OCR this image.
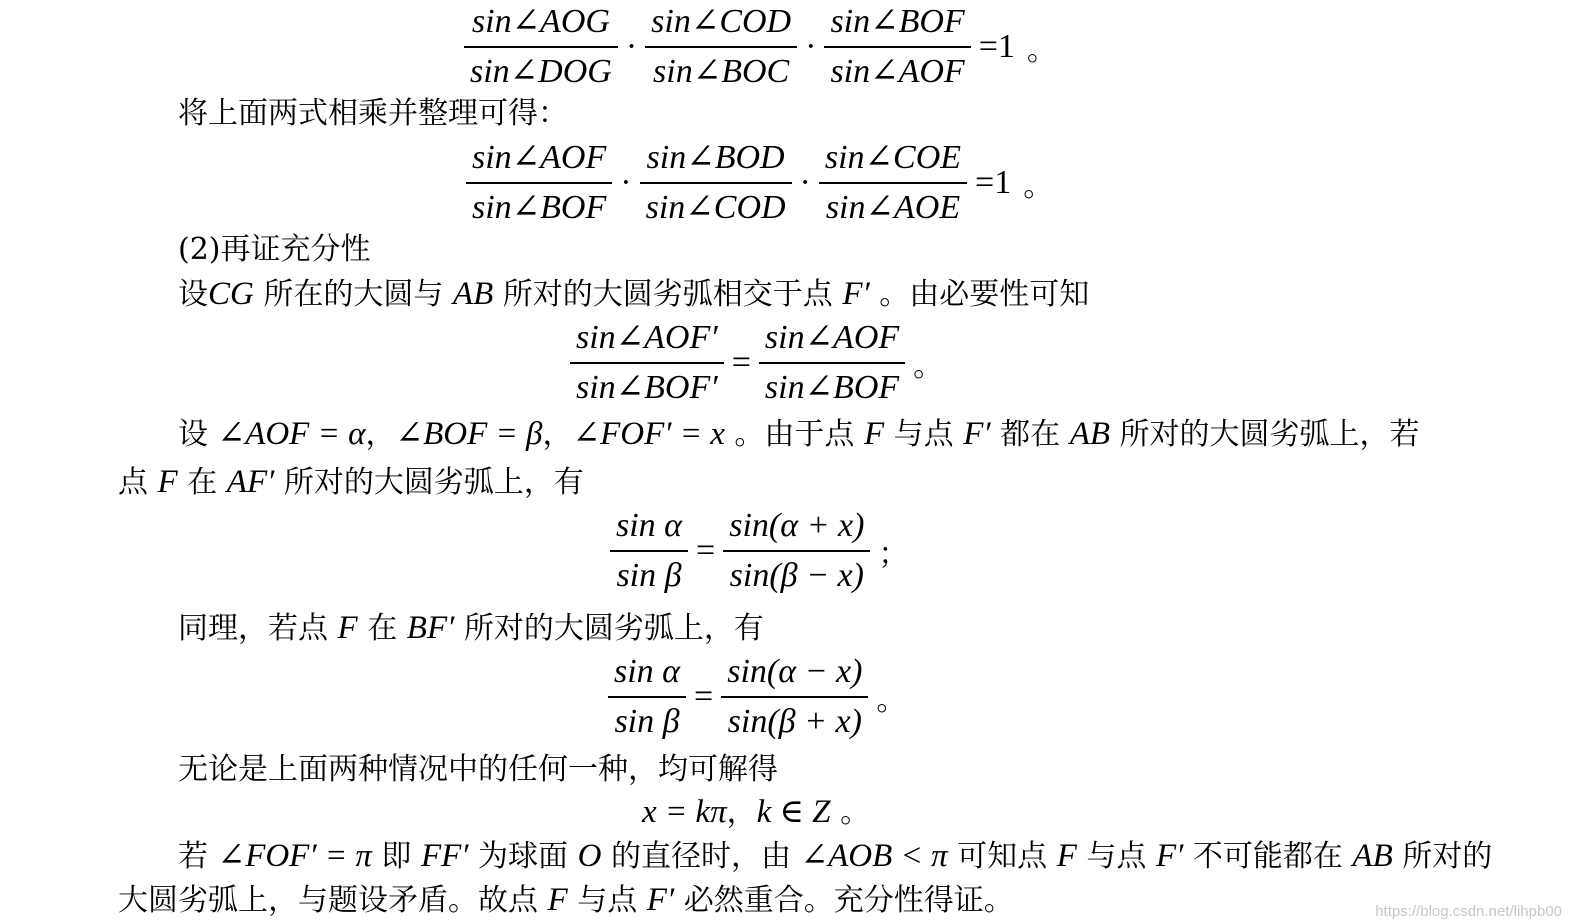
$\frac{\text{sin∠AOG}}{\text{sin∠DOG}} \cdot \frac{\text{sin∠COD}}{\text{sin∠BOC}} \cdot \frac{\text{sin∠BOF}}{\text{sin∠AOF}} =1$ 。
将上面两式相乘并整理可得：
$\frac{\text{sin∠AOF}}{\text{sin∠BOF}} \cdot \frac{\text{sin∠BOD}}{\text{sin∠COD}} \cdot \frac{\text{sin∠COE}}{\text{sin∠AOE}} =1$ 。
(2)再证充分性
设CG 所在的大圆与 AB 所对的大圆劣弧相交于点 F′ 。由必要性可知
$\frac{\text{sin∠AOF′}}{\text{sin∠BOF′}} = \frac{\text{sin∠AOF}}{\text{sin∠BOF}}$ 。
设 ∠AOF = α，∠BOF = β，∠FOF′ = x 。由于点 F 与点 F′ 都在 AB 所对的大圆劣弧上，若
点 F 在 AF′ 所对的大圆劣弧上，有
$\frac{\text{sin α}}{\text{sin β}} = \frac{\sin(\alpha + x)}{\sin(\beta - x)}$ ；
同理，若点 F 在 BF′ 所对的大圆劣弧上，有
$\frac{\text{sin α}}{\text{sin β}} = \frac{\sin(\alpha - x)}{\sin(\beta + x)}$ 。
无论是上面两种情况中的任何一种，均可解得
x = kπ，k ∈ Z 。
若 ∠FOF′ = π 即 FF′ 为球面 O 的直径时，由 ∠AOB < π 可知点 F 与点 F′ 不可能都在 AB 所对的
大圆劣弧上，与题设矛盾。故点 F 与点 F′ 必然重合。充分性得证。	https://blog.csdn.net/lihpb00
